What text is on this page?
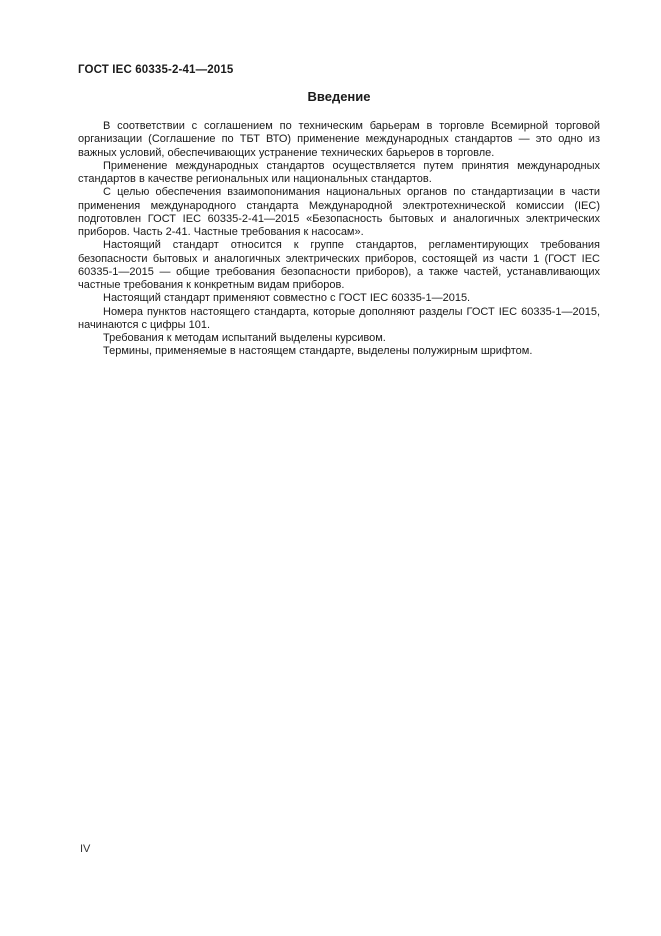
ГОСТ IEC 60335-2-41—2015
Введение

В соответствии с соглашением по техническим барьерам в торговле Всемирной торговой организации (Соглашение по ТБТ ВТО) применение международных стандартов — это одно из важных условий, обеспечивающих устранение технических барьеров в торговле.

Применение международных стандартов осуществляется путем принятия международных стандартов в качестве региональных или национальных стандартов.

С целью обеспечения взаимопонимания национальных органов по стандартизации в части применения международного стандарта Международной электротехнической комиссии (IEC) подготовлен ГОСТ IEC 60335-2-41—2015 «Безопасность бытовых и аналогичных электрических приборов. Часть 2-41. Частные требования к насосам».

Настоящий стандарт относится к группе стандартов, регламентирующих требования безопасности бытовых и аналогичных электрических приборов, состоящей из части 1 (ГОСТ IEC 60335-1—2015 — общие требования безопасности приборов), а также частей, устанавливающих частные требования к конкретным видам приборов.

Настоящий стандарт применяют совместно с ГОСТ IEC 60335-1—2015.

Номера пунктов настоящего стандарта, которые дополняют разделы ГОСТ IEC 60335-1—2015, начинаются с цифры 101.

Требования к методам испытаний выделены курсивом.

Термины, применяемые в настоящем стандарте, выделены полужирным шрифтом.

IV
